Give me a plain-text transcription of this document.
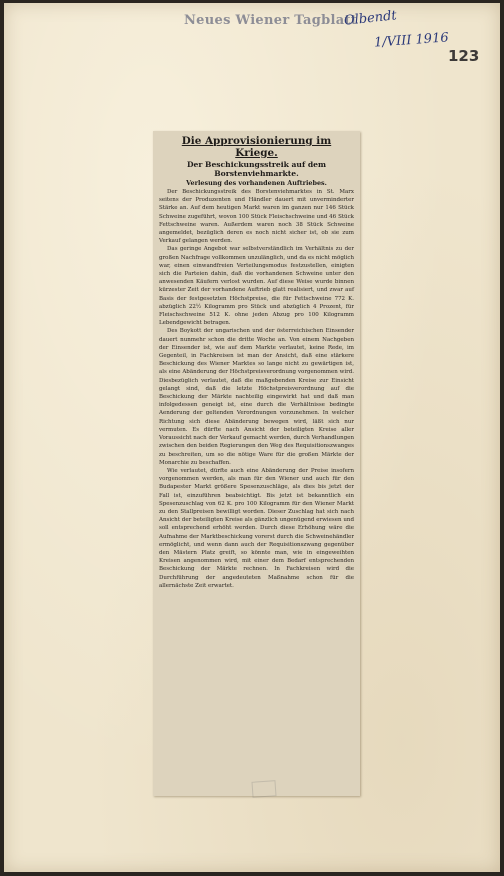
Neues Wiener Tagblatt
Olbendt
1/VIII 1916
123
Die Approvisionierung im Kriege.

Der Beschickungsstreik auf dem Borstenviehmarkte.

Verlesung des vorhandenen Auftriebes.

Der Beschickungsstreik des Borstenviehmarktes in St. Marx seitens der Produzenten und Händler dauert mit unverminderter Stärke an. Auf dem heutigen Markt waren im ganzen nur 146 Stück Schweine zugeführt, wovon 100 Stück Fleischschweine und 46 Stück Fettschweine waren. Außerdem waren noch 38 Stück Schweine angemeldet, bezüglich deren es noch nicht sicher ist, ob sie zum Verkauf gelangen werden.

Das geringe Angebot war selbstverständlich im Verhältnis zu der großen Nachfrage vollkommen unzulänglich, und da es nicht möglich war, einen einwandfreien Verteilungsmodus festzustellen, einigten sich die Parteien dahin, daß die vorhandenen Schweine unter den anwesenden Käufern verlost wurden. Auf diese Weise wurde binnen kürzester Zeit der vorhandene Auftrieb glatt realisiert, und zwar auf Basis der festgesetzten Höchstpreise, die für Fettschweine 772 K. abzüglich 22½ Kilogramm pro Stück und abzüglich 4 Prozent, für Fleischschweine 512 K. ohne jeden Abzug pro 100 Kilogramm Lebendgewicht betragen.

Des Boykott der ungarischen und der österreichischen Einsender dauert nunmehr schon die dritte Woche an. Von einem Nachgeben der Einsender ist, wie auf dem Markte verlautet, keine Rede, im Gegenteil, in Fachkreisen ist man der Ansicht, daß eine stärkere Beschickung des Wiener Marktes so lange nicht zu gewärtigen ist, als eine Abänderung der Höchstpreisverordnung vorgenommen wird. Diesbezüglich verlautet, daß die maßgebenden Kreise zur Einsicht gelangt sind, daß die letzte Höchstpreisverordnung auf die Beschickung der Märkte nachteilig eingewirkt hat und daß man infolgedessen geneigt ist, eine durch die Verhältnisse bedingte Aenderung der geltenden Verordnungen vorzunehmen. In welcher Richtung sich diese Abänderung bewegen wird, läßt sich nur vermuten. Es dürfte nach Ansicht der beteiligten Kreise aller Voraussicht nach der Verkauf gemacht werden, durch Verhandlungen zwischen den beiden Regierungen den Weg des Requisitionszwanges zu beschreiten, um so die nötige Ware für die großen Märkte der Monarchie zu beschaffen.

Wie verlautet, dürfte auch eine Abänderung der Preise insofern vorgenommen werden, als man für den Wiener und auch für den Budapester Markt größere Spesenzuschläge, als dies bis jetzt der Fall ist, einzuführen beabsichtigt. Bis jetzt ist bekanntlich ein Spesenzuschlag von 62 K. pro 100 Kilogramm für den Wiener Markt zu den Stallpreisen bewilligt worden. Dieser Zuschlag hat sich nach Ansicht der beteiligten Kreise als gänzlich ungenügend erwiesen und soll entsprechend erhöht werden. Durch diese Erhöhung wäre die Aufnahme der Marktbeschickung vorerst durch die Schweinehändler ermöglicht, und wenn dann auch der Requisitionszwang gegenüber den Mästern Platz greift, so könnte man, wie in eingeweihten Kreisen angenommen wird, mit einer dem Bedarf entsprechenden Beschickung der Märkte rechnen. In Fachkreisen wird die Durchführung der angedeuteten Maßnahme schon für die allernächste Zeit erwartet.
